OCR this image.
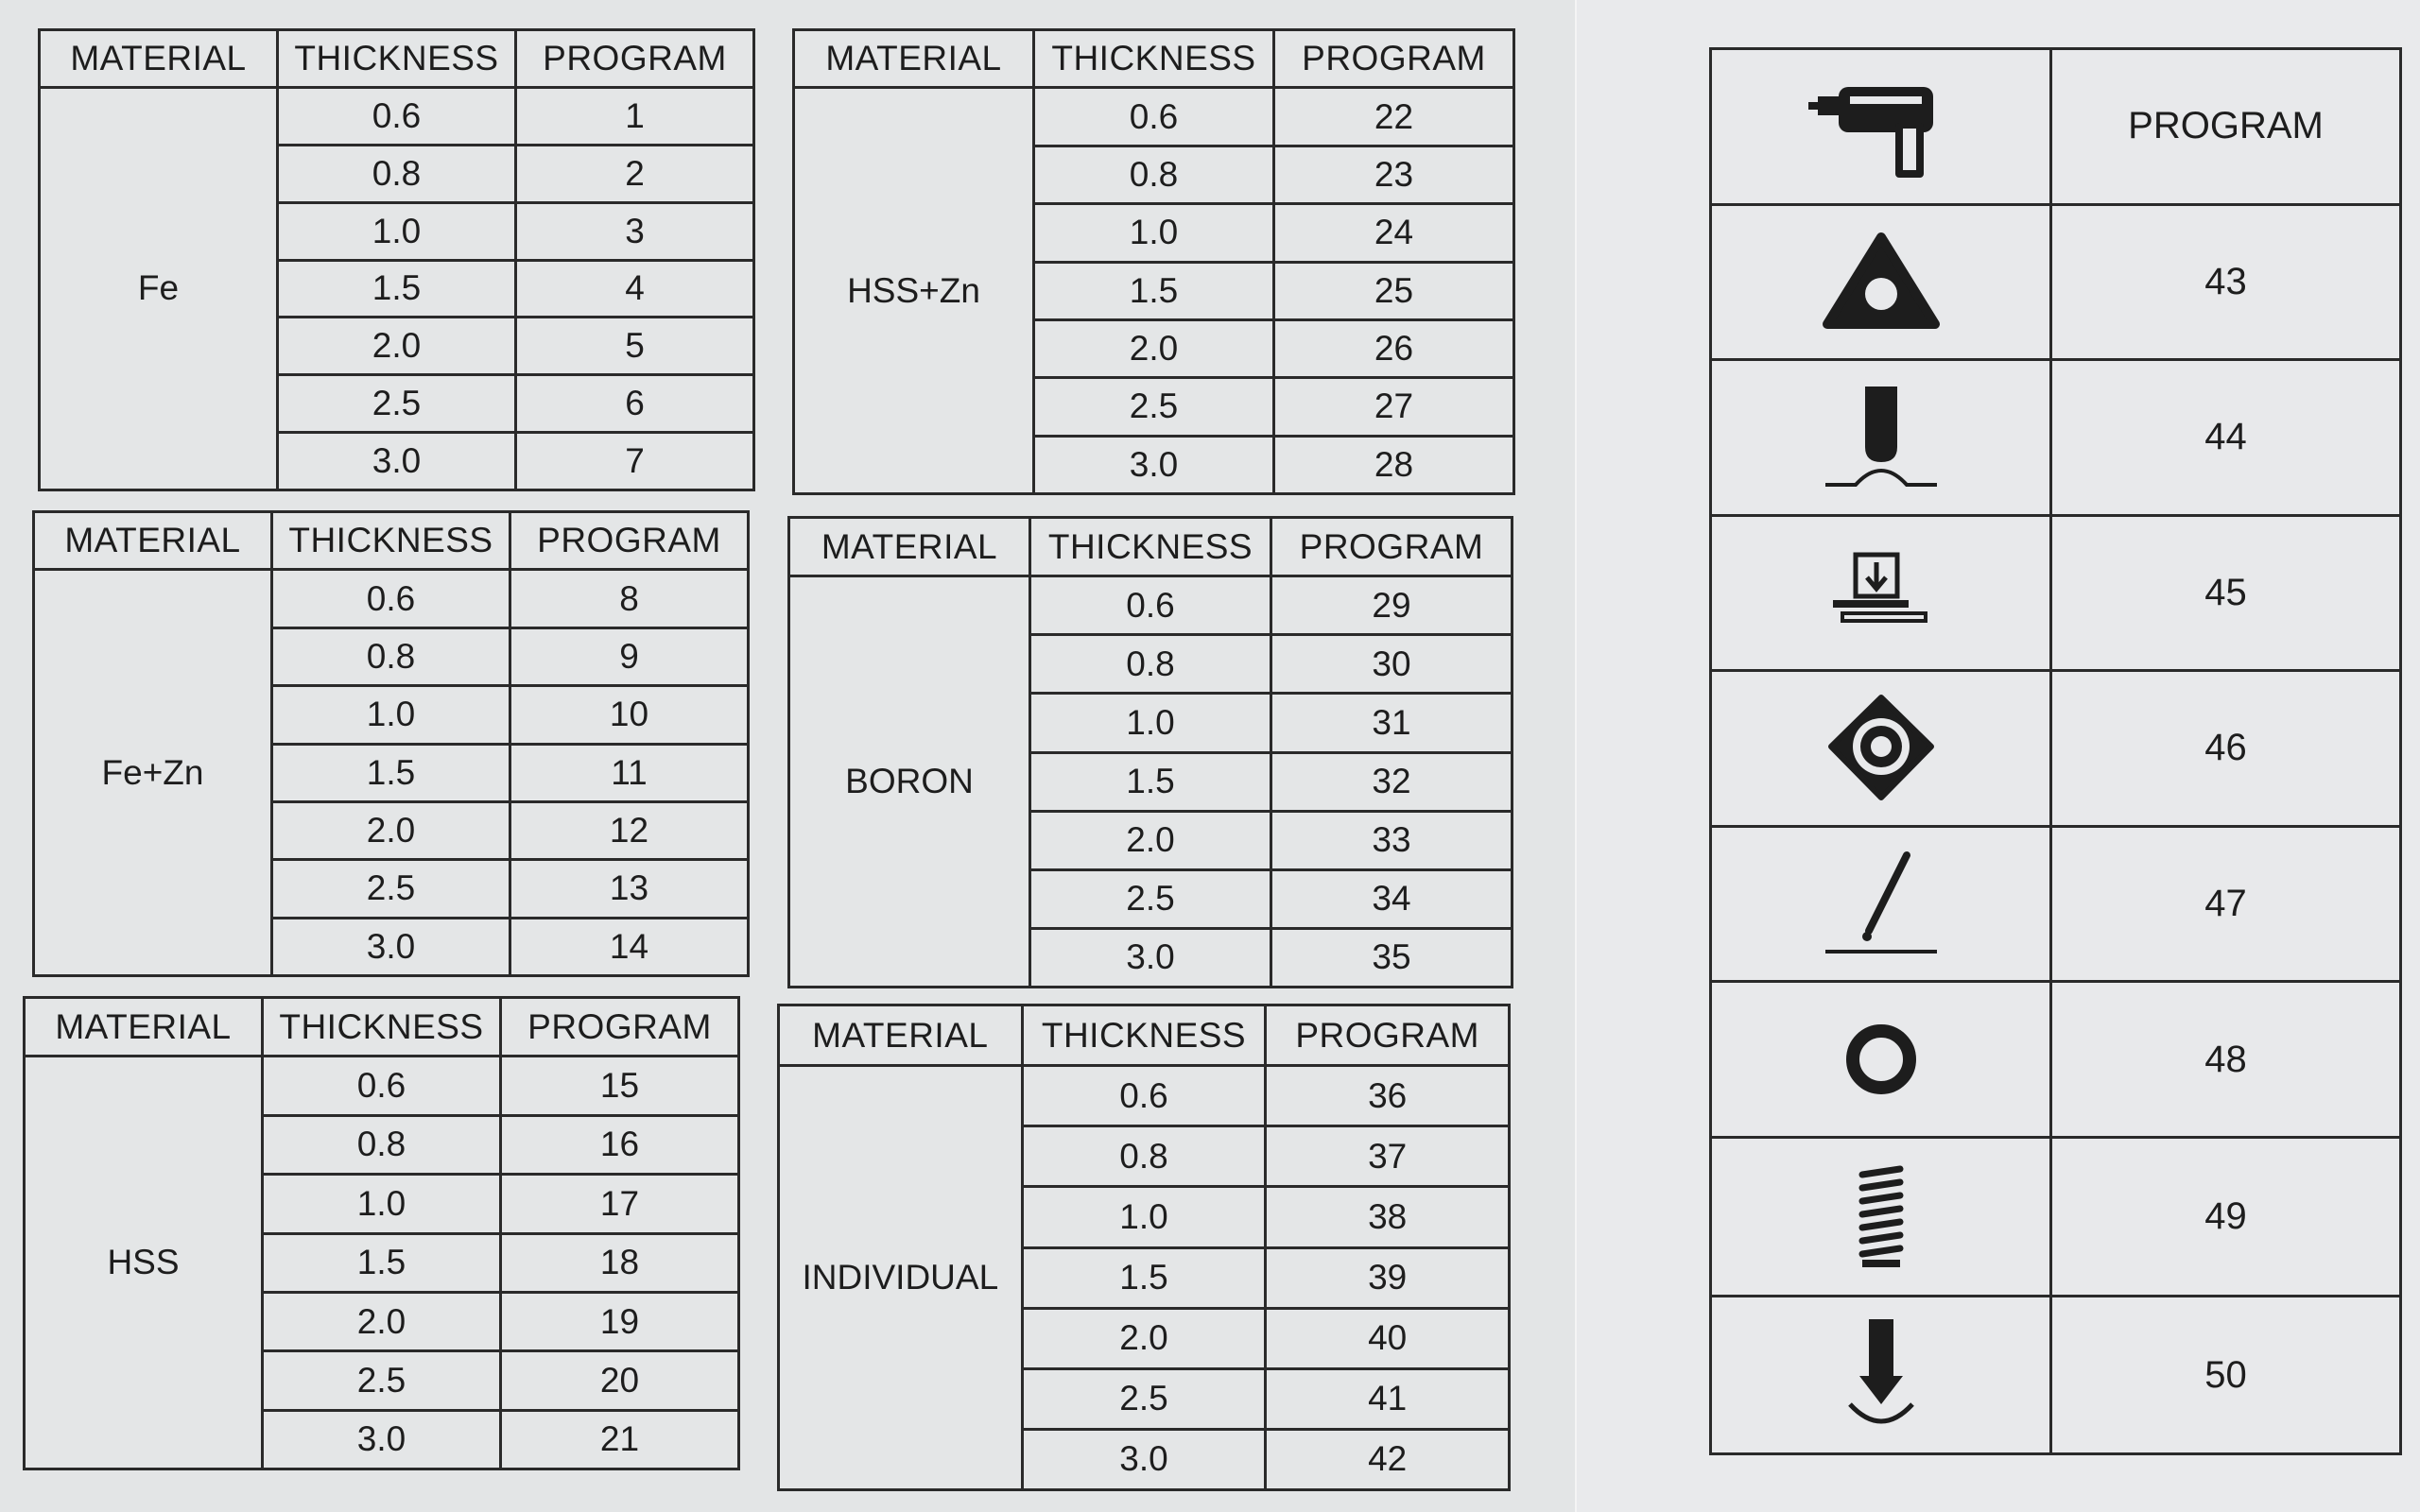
MATERIAL	THICKNESS	PROGRAM
Fe	0.6	1
	0.8	2
	1.0	3
	1.5	4
	2.0	5
	2.5	6
	3.0	7
MATERIAL	THICKNESS	PROGRAM
HSS+Zn	0.6	22
	0.8	23
	1.0	24
	1.5	25
	2.0	26
	2.5	27
	3.0	28
MATERIAL	THICKNESS	PROGRAM
Fe+Zn	0.6	8
	0.8	9
	1.0	10
	1.5	11
	2.0	12
	2.5	13
	3.0	14
MATERIAL	THICKNESS	PROGRAM
BORON	0.6	29
	0.8	30
	1.0	31
	1.5	32
	2.0	33
	2.5	34
	3.0	35
MATERIAL	THICKNESS	PROGRAM
HSS	0.6	15
	0.8	16
	1.0	17
	1.5	18
	2.0	19
	2.5	20
	3.0	21
MATERIAL	THICKNESS	PROGRAM
INDIVIDUAL	0.6	36
	0.8	37
	1.0	38
	1.5	39
	2.0	40
	2.5	41
	3.0	42
	PROGRAM

	43

	44

	45

	46

	47

	48

	49

	50
